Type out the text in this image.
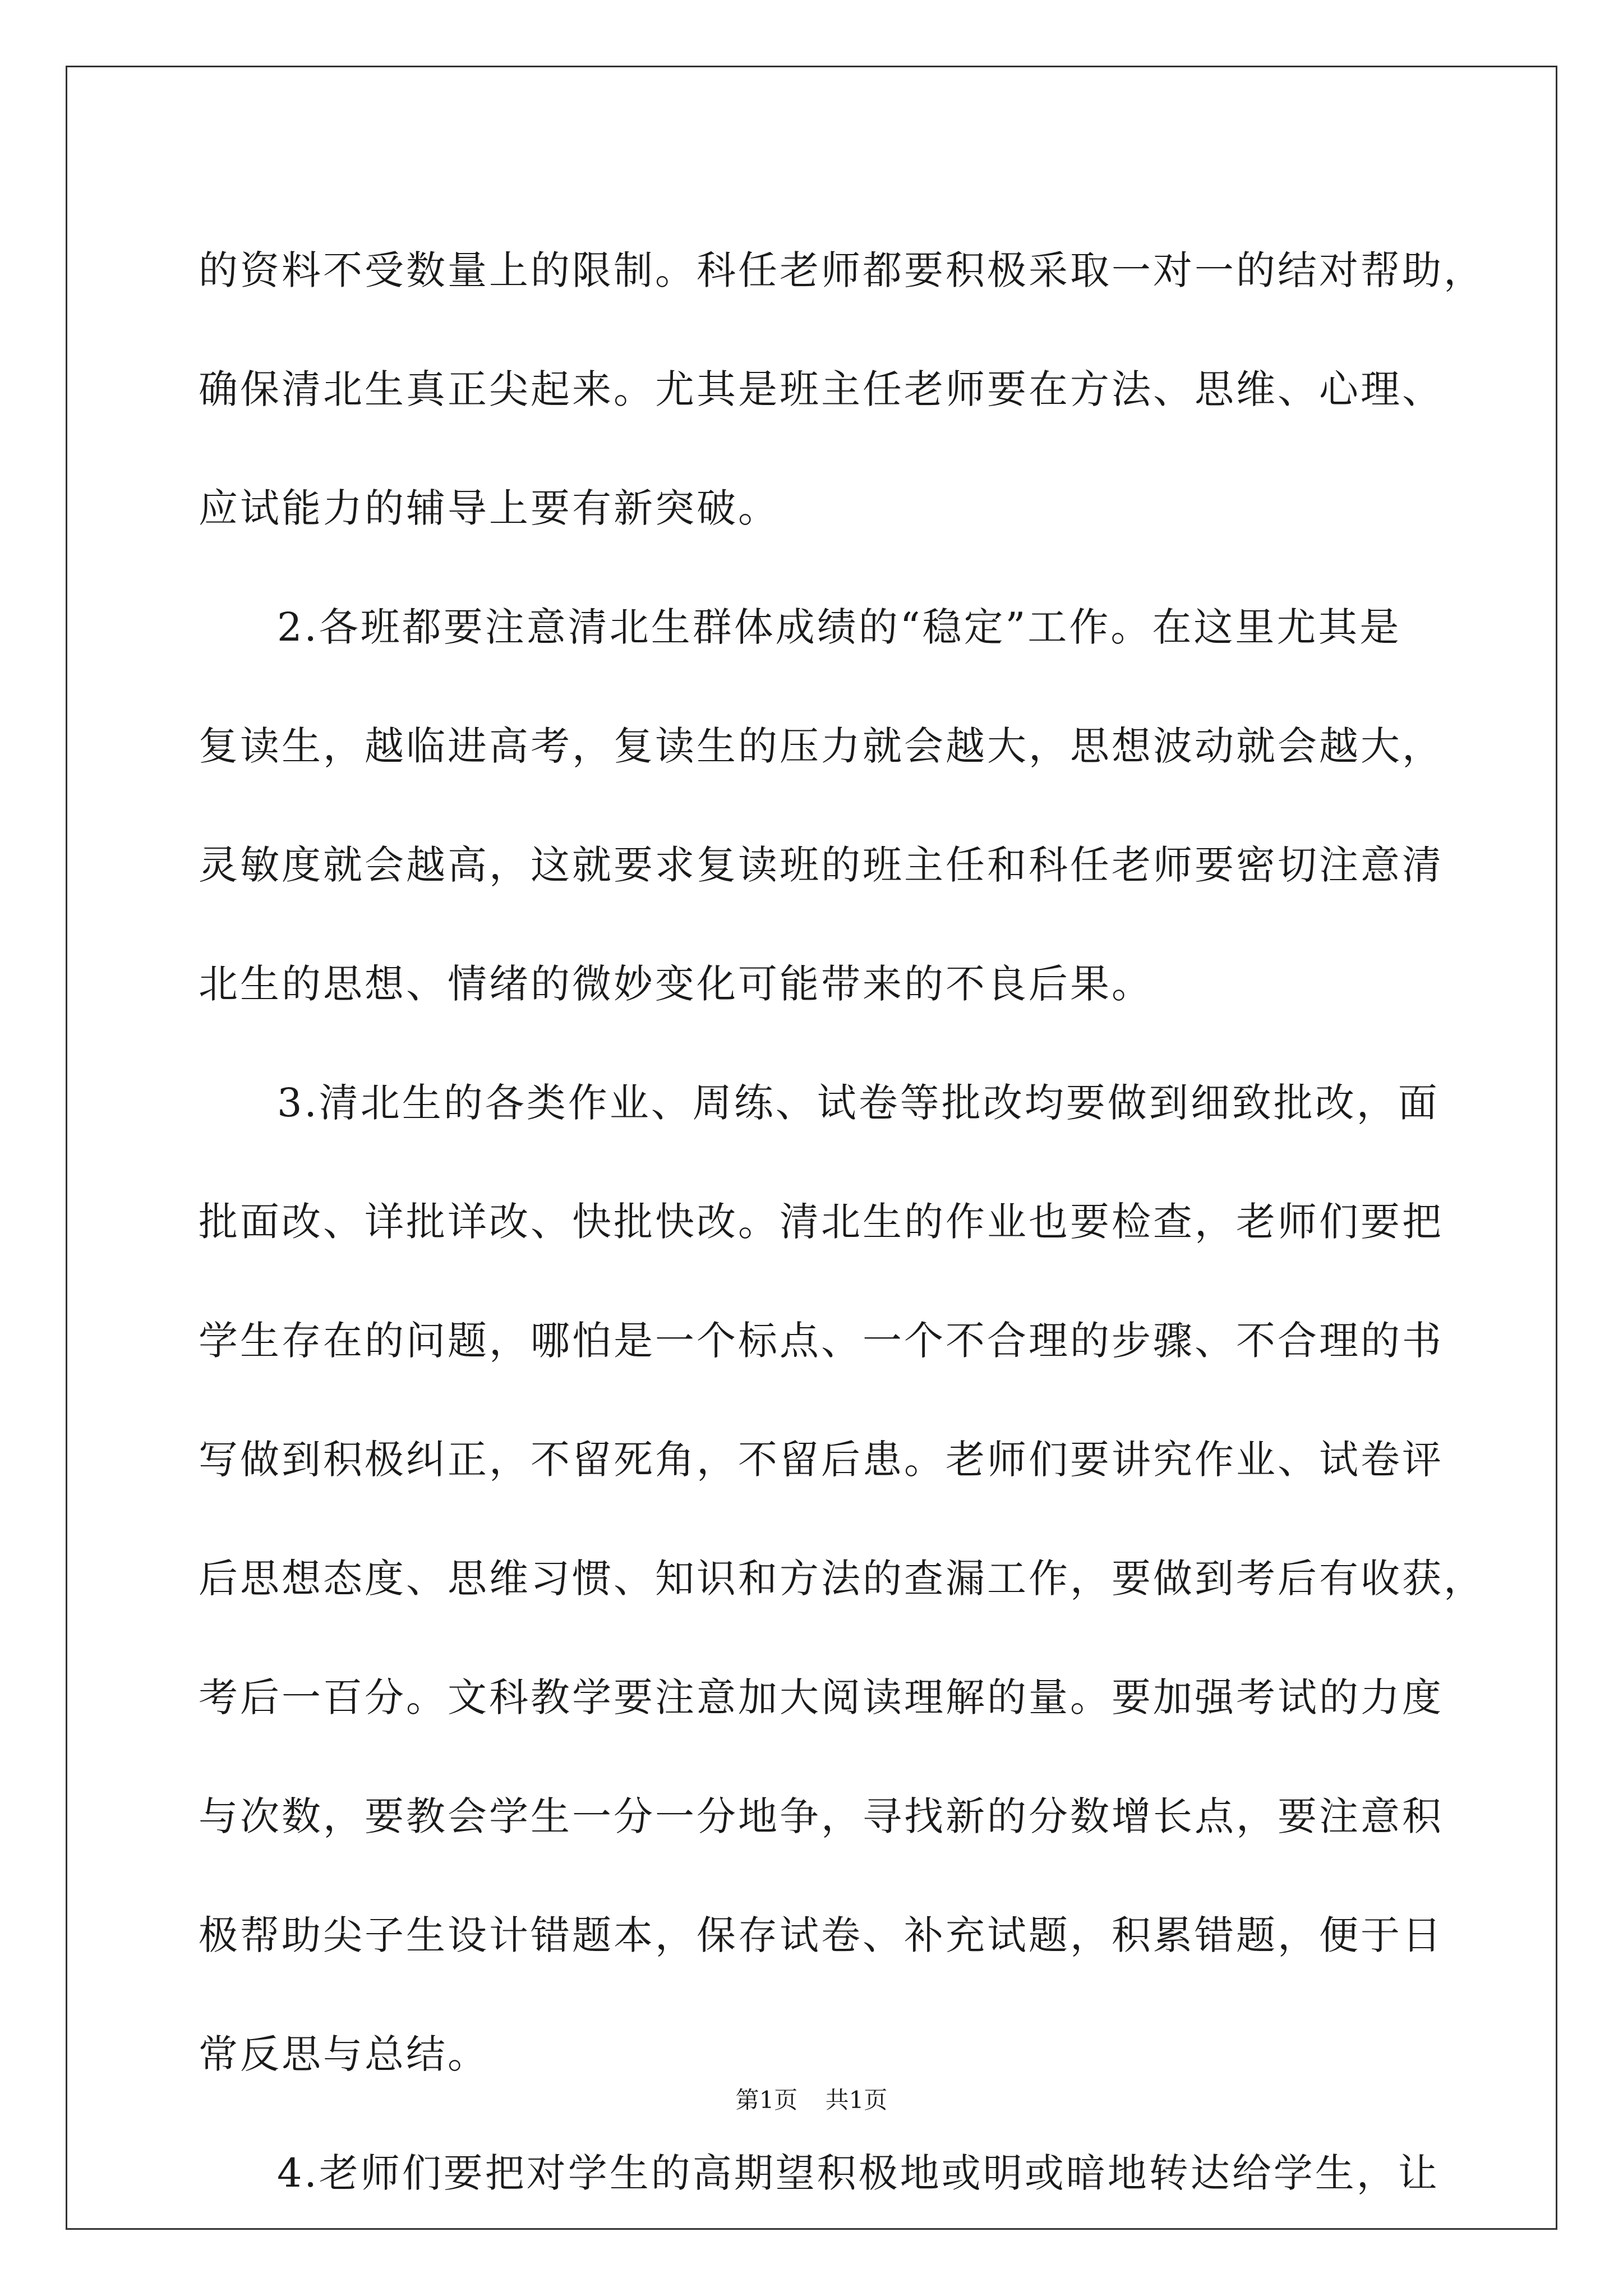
的资料不受数量上的限制。科任老师都要积极采取一对一的结对帮助，
确保清北生真正尖起来。尤其是班主任老师要在方法、思维、心理、
应试能力的辅导上要有新突破。
2.各班都要注意清北生群体成绩的“稳定”工作。在这里尤其是
复读生，越临进高考，复读生的压力就会越大，思想波动就会越大，
灵敏度就会越高，这就要求复读班的班主任和科任老师要密切注意清
北生的思想、情绪的微妙变化可能带来的不良后果。
3.清北生的各类作业、周练、试卷等批改均要做到细致批改，面
批面改、详批详改、快批快改。清北生的作业也要检查，老师们要把
学生存在的问题，哪怕是一个标点、一个不合理的步骤、不合理的书
写做到积极纠正，不留死角，不留后患。老师们要讲究作业、试卷评
后思想态度、思维习惯、知识和方法的查漏工作，要做到考后有收获，
考后一百分。文科教学要注意加大阅读理解的量。要加强考试的力度
与次数，要教会学生一分一分地争，寻找新的分数增长点，要注意积
极帮助尖子生设计错题本，保存试卷、补充试题，积累错题，便于日
常反思与总结。
4.老师们要把对学生的高期望积极地或明或暗地转达给学生，让
第1页 共1页
